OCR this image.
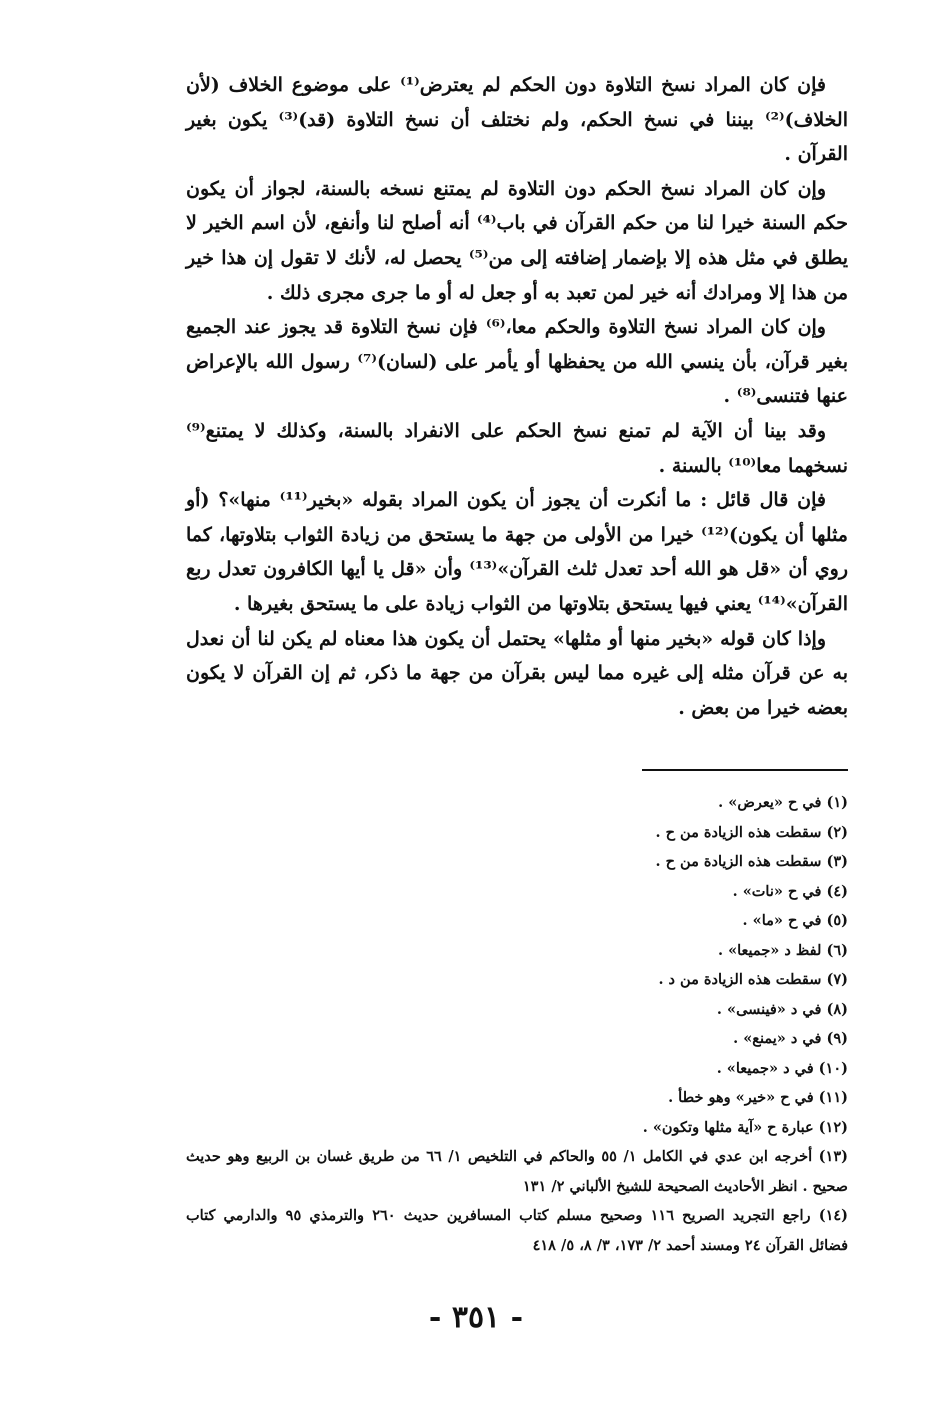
فإن كان المراد نسخ التلاوة دون الحكم لم يعترض⁽¹⁾ على موضوع الخلاف (لأن الخلاف)⁽²⁾ بيننا في نسخ الحكم، ولم نختلف أن نسخ التلاوة (قد)⁽³⁾ يكون بغير القرآن .

وإن كان المراد نسخ الحكم دون التلاوة لم يمتنع نسخه بالسنة، لجواز أن يكون حكم السنة خيرا لنا من حكم القرآن في باب⁽⁴⁾ أنه أصلح لنا وأنفع، لأن اسم الخير لا يطلق في مثل هذه إلا بإضمار إضافته إلى من⁽⁵⁾ يحصل له، لأنك لا تقول إن هذا خير من هذا إلا ومرادك أنه خير لمن تعبد به أو جعل له أو ما جرى مجرى ذلك .

وإن كان المراد نسخ التلاوة والحكم معا،⁽⁶⁾ فإن نسخ التلاوة قد يجوز عند الجميع بغير قرآن، بأن ينسي الله من يحفظها أو يأمر على (لسان)⁽⁷⁾ رسول الله بالإعراض عنها فتنسى⁽⁸⁾ .

وقد بينا أن الآية لم تمنع نسخ الحكم على الانفراد بالسنة، وكذلك لا يمتنع⁽⁹⁾ نسخهما معا⁽¹⁰⁾ بالسنة .

فإن قال قائل : ما أنكرت أن يجوز أن يكون المراد بقوله «بخير⁽¹¹⁾ منها»؟ (أو مثلها أن يكون)⁽¹²⁾ خيرا من الأولى من جهة ما يستحق من زيادة الثواب بتلاوتها، كما روي أن «قل هو الله أحد تعدل ثلث القرآن»⁽¹³⁾ وأن «قل يا أيها الكافرون تعدل ربع القرآن»⁽¹⁴⁾ يعني فيها يستحق بتلاوتها من الثواب زيادة على ما يستحق بغيرها .

وإذا كان قوله «بخير منها أو مثلها» يحتمل أن يكون هذا معناه لم يكن لنا أن نعدل به عن قرآن مثله إلى غيره مما ليس بقرآن من جهة ما ذكر، ثم إن القرآن لا يكون بعضه خيرا من بعض .

(١) في ح «يعرض» .

(٢) سقطت هذه الزيادة من ح .

(٣) سقطت هذه الزيادة من ح .

(٤) في ح «نات» .

(٥) في ح «ما» .

(٦) لفظ د «جميعا» .

(٧) سقطت هذه الزيادة من د .

(٨) في د «فينسى» .

(٩) في د «يمنع» .

(١٠) في د «جميعا» .

(١١) في ح «خير» وهو خطأ .

(١٢) عبارة ح «آية مثلها وتكون» .

(١٣) أخرجه ابن عدي في الكامل ١/ ٥٥ والحاكم في التلخيص ١/ ٦٦ من طريق غسان بن الربيع وهو حديث صحيح . انظر الأحاديث الصحيحة للشيخ الألباني ٢/ ١٣١

(١٤) راجع التجريد الصريح ١١٦ وصحيح مسلم كتاب المسافرين حديث ٢٦٠ والترمذي ٩٥ والدارمي كتاب فضائل القرآن ٢٤ ومسند أحمد ٢/ ١٧٣، ٣/ ٨، ٥/ ٤١٨

- ٣٥١ -
